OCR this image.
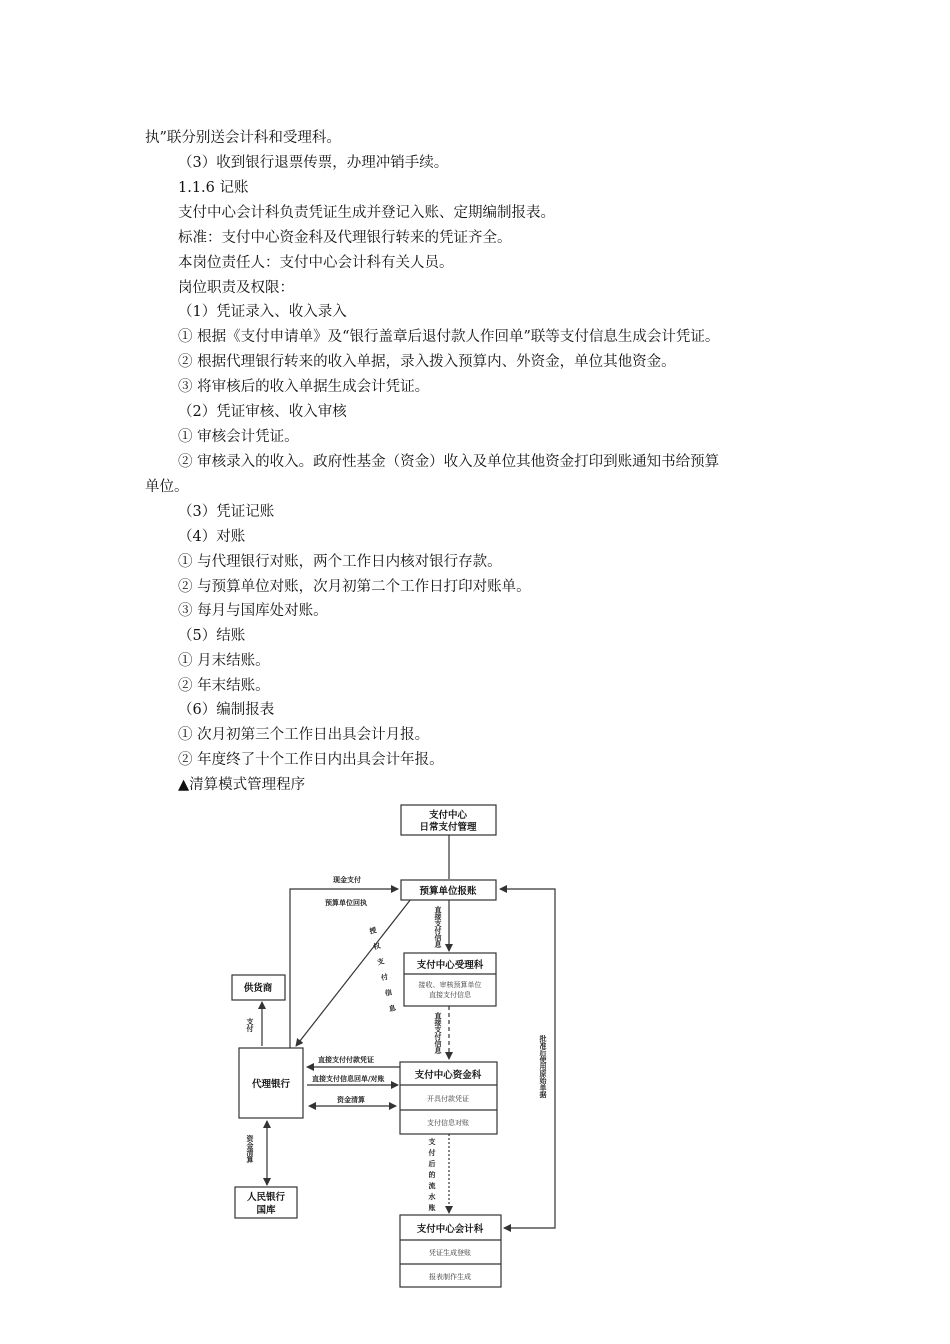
执”联分别送会计科和受理科。
（3）收到银行退票传票，办理冲销手续。
1.1.6 记账
支付中心会计科负责凭证生成并登记入账、定期编制报表。
标准：支付中心资金科及代理银行转来的凭证齐全。
本岗位责任人：支付中心会计科有关人员。
岗位职责及权限：
（1）凭证录入、收入录入
① 根据《支付申请单》及“银行盖章后退付款人作回单”联等支付信息生成会计凭证。
② 根据代理银行转来的收入单据，录入拨入预算内、外资金，单位其他资金。
③ 将审核后的收入单据生成会计凭证。
（2）凭证审核、收入审核
① 审核会计凭证。
② 审核录入的收入。政府性基金（资金）收入及单位其他资金打印到账通知书给预算
单位。
（3）凭证记账
（4）对账
① 与代理银行对账，两个工作日内核对银行存款。
② 与预算单位对账，次月初第二个工作日打印对账单。
③ 每月与国库处对账。
（5）结账
① 月末结账。
② 年末结账。
（6）编制报表
① 次月初第三个工作日出具会计月报。
② 年度终了十个工作日内出具会计年报。
▲清算模式管理程序
支付中心
日常支付管理
预算单位报账
支付中心受理科
接收、审核预算单位
直接支付信息
支付中心资金科
开具付款凭证
支付信息对账
支付中心会计科
凭证生成登账
报表制作生成
供货商
代理银行
人民银行
国库
现金支付
预算单位回执
直接支付付款凭证
直接支付信息回单/对账
资金清算
直接支付信息
直接支付信息
支付
资金清算	支付后的流水账
批准后使用原始单据
授权支付信息
